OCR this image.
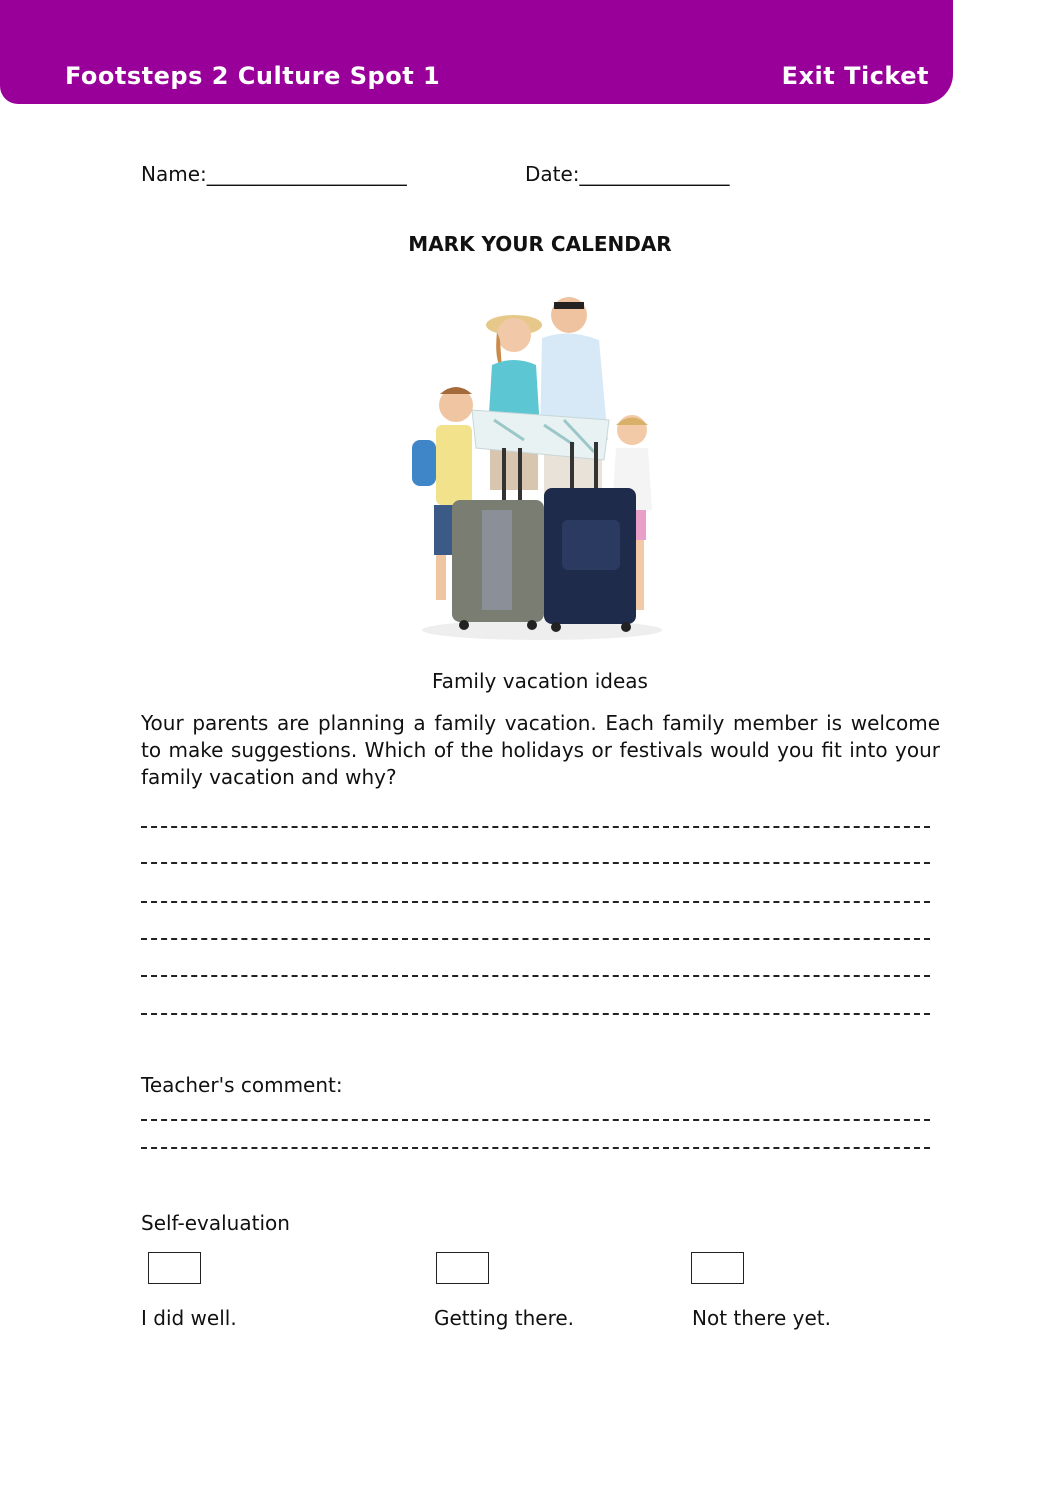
Footsteps 2 Culture Spot 1	Exit Ticket
Name:____________________	Date:_______________
MARK YOUR CALENDAR
Family vacation ideas
Your parents are planning a family vacation. Each family member is welcome to make suggestions. Which of the holidays or festivals would you fit into your family vacation and why?
Teacher's comment:
Self-evaluation
I did well.	Getting there.	Not there yet.
